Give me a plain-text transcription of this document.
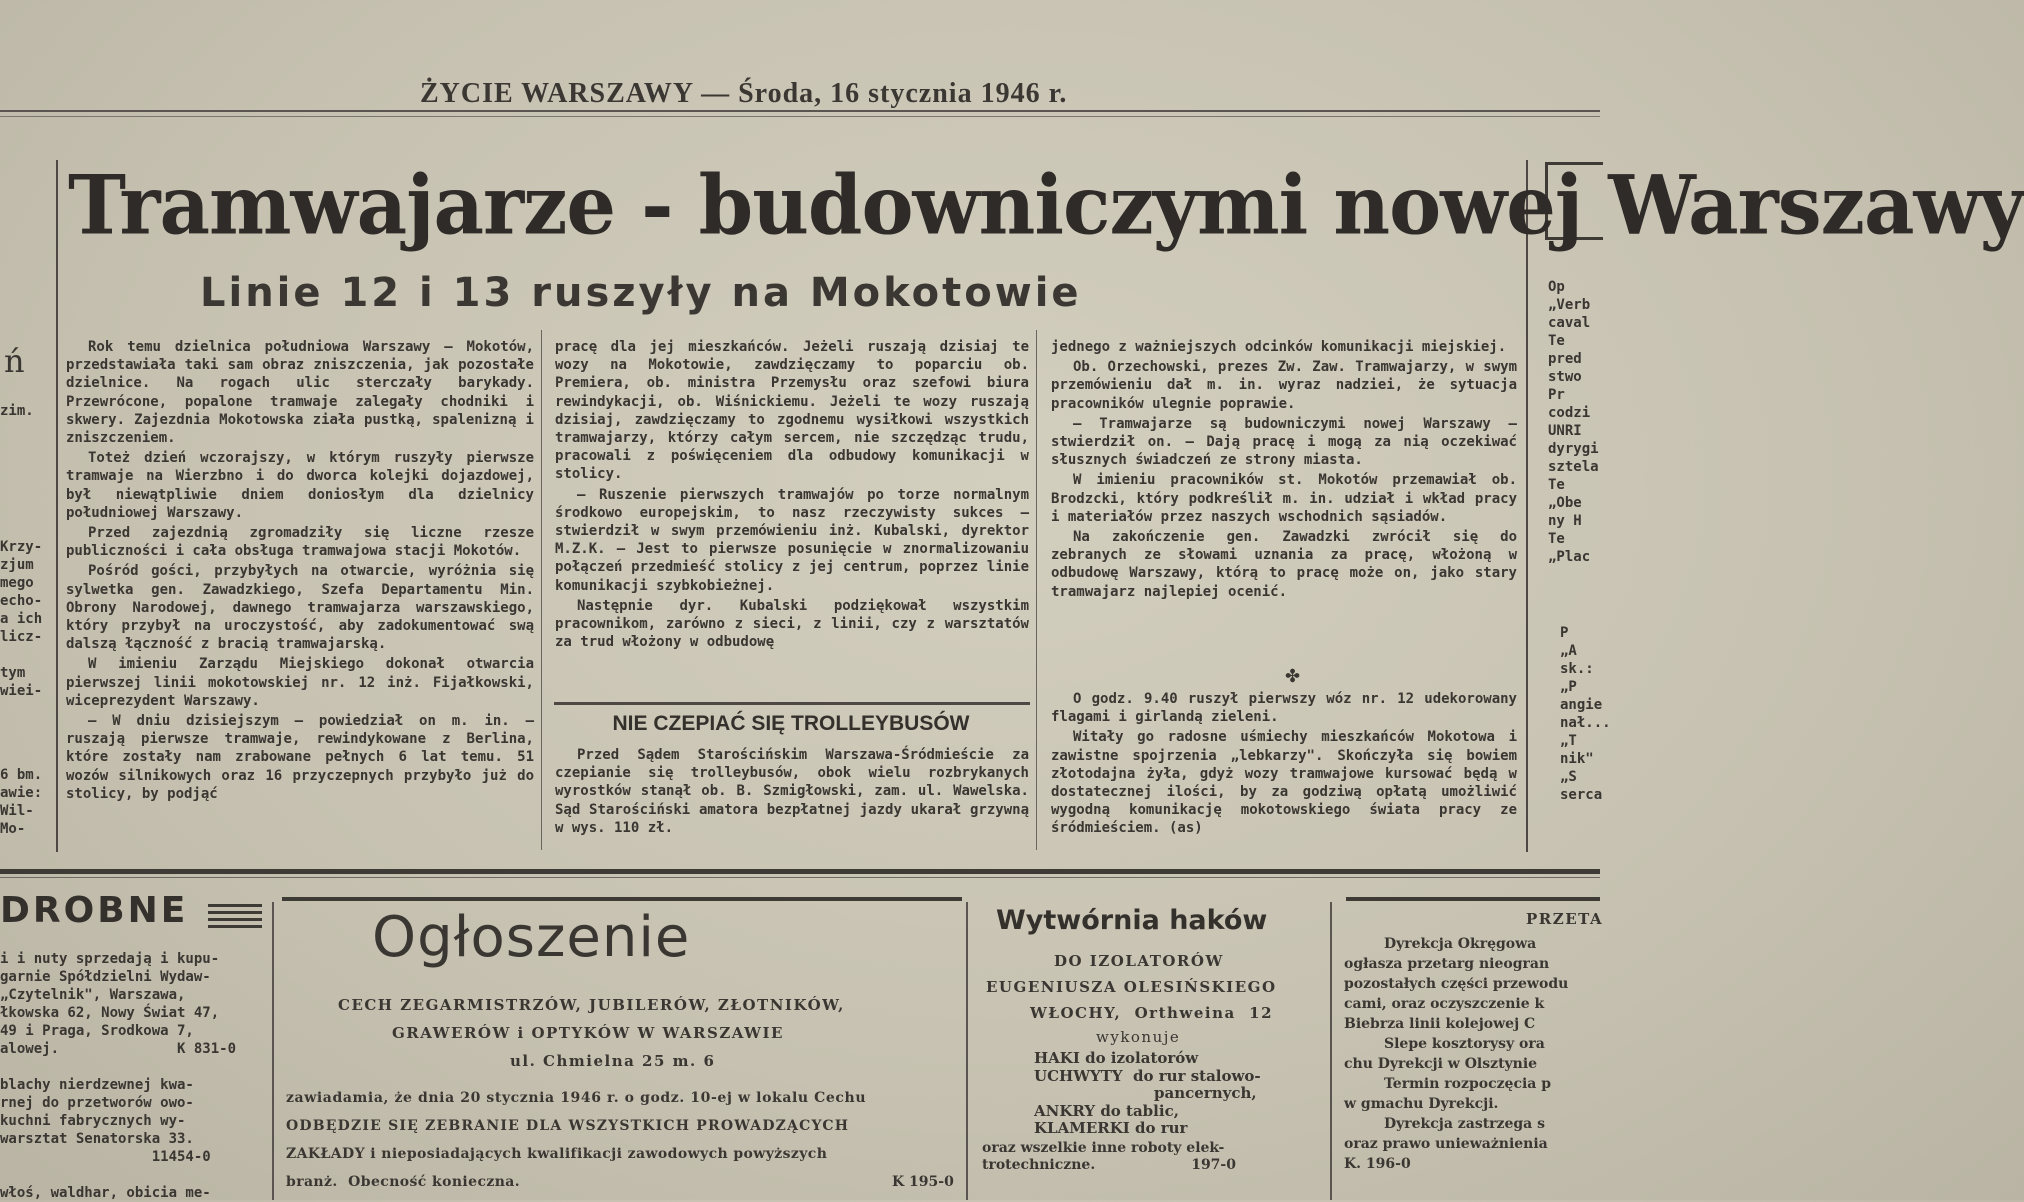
ŻYCIE WARSZAWY — Środa, 16 stycznia 1946 r.
Tramwajarze - budowniczymi nowej Warszawy
Linie 12 i 13 ruszyły na Mokotowie

Rok temu dzielnica południowa Warszawy — Mokotów, przedstawiała taki sam obraz zniszczenia, jak pozostałe dzielnice. Na rogach ulic sterczały barykady. Przewrócone, popalone tramwaje zalegały chodniki i skwery. Zajezdnia Mokotowska ziała pustką, spalenizną i zniszczeniem.

Toteż dzień wczorajszy, w którym ruszyły pierwsze tramwaje na Wierzbno i do dworca kolejki dojazdowej, był niewątpliwie dniem doniosłym dla dzielnicy południowej Warszawy.

Przed zajezdnią zgromadziły się liczne rzesze publiczności i cała obsługa tramwajowa stacji Mokotów.

Pośród gości, przybyłych na otwarcie, wyróżnia się sylwetka gen. Zawadzkiego, Szefa Departamentu Min. Obrony Narodowej, dawnego tramwajarza warszawskiego, który przybył na uroczystość, aby zadokumentować swą dalszą łączność z bracią tramwajarską.

W imieniu Zarządu Miejskiego dokonał otwarcia pierwszej linii mokotowskiej nr. 12 inż. Fijałkowski, wiceprezydent Warszawy.

— W dniu dzisiejszym — powiedział on m. in. — ruszają pierwsze tramwaje, rewindykowane z Berlina, które zostały nam zrabowane pełnych 6 lat temu. 51 wozów silnikowych oraz 16 przyczepnych przybyło już do stolicy, by podjąć

pracę dla jej mieszkańców. Jeżeli ruszają dzisiaj te wozy na Mokotowie, zawdzięczamy to poparciu ob. Premiera, ob. ministra Przemysłu oraz szefowi biura rewindykacji, ob. Wiśnickiemu. Jeżeli te wozy ruszają dzisiaj, zawdzięczamy to zgodnemu wysiłkowi wszystkich tramwajarzy, którzy całym sercem, nie szczędząc trudu, pracowali z poświęceniem dla odbudowy komunikacji w stolicy.

— Ruszenie pierwszych tramwajów po torze normalnym środkowo europejskim, to nasz rzeczywisty sukces — stwierdził w swym przemówieniu inż. Kubalski, dyrektor M.Z.K. — Jest to pierwsze posunięcie w znormalizowaniu połączeń przedmieść stolicy z jej centrum, poprzez linie komunikacji szybkobieżnej.

Następnie dyr. Kubalski podziękował wszystkim pracownikom, zarówno z sieci, z linii, czy z warsztatów za trud włożony w odbudowę

NIE CZEPIAĆ SIĘ TROLLEYBUSÓW

Przed Sądem Starościńskim Warszawa-Śródmieście za czepianie się trolleybusów, obok wielu rozbrykanych wyrostków stanął ob. B. Szmigłowski, zam. ul. Wawelska. Sąd Starościński amatora bezpłatnej jazdy ukarał grzywną w wys. 110 zł.

jednego z ważniejszych odcinków komunikacji miejskiej.

Ob. Orzechowski, prezes Zw. Zaw. Tramwajarzy, w swym przemówieniu dał m. in. wyraz nadziei, że sytuacja pracowników ulegnie poprawie.

— Tramwajarze są budowniczymi nowej Warszawy — stwierdził on. — Dają pracę i mogą za nią oczekiwać słusznych świadczeń ze strony miasta.

W imieniu pracowników st. Mokotów przemawiał ob. Brodzcki, który podkreślił m. in. udział i wkład pracy i materiałów przez naszych wschodnich sąsiadów.

Na zakończenie gen. Zawadzki zwrócił się do zebranych ze słowami uznania za pracę, włożoną w odbudowę Warszawy, którą to pracę może on, jako stary tramwajarz najlepiej ocenić.

✤

O godz. 9.40 ruszył pierwszy wóz nr. 12 udekorowany flagami i girlandą zieleni.

Witały go radosne uśmiechy mieszkańców Mokotowa i zawistne spojrzenia „lebkarzy". Skończyła się bowiem złotodajna żyła, gdyż wozy tramwajowe kursować będą w dostatecznej ilości, by za godziwą opłatą umożliwić wygodną komunikację mokotowskiego świata pracy ze śródmieściem. (as)

ń
zim.
Krzy-
zjum
mego
echo-
a ich
licz-

tym
wiei-
6 bm.
awie:
Wil-
Mo-
Op
„Verb
caval
Te
pred
stwo
Pr
codzi
UNRI
dyrygi
sztela
Te
„Obe
ny H
Te
„Plac
P
„A
sk.:
„P
angie
nał...
„T
nik"
„S
serca
DROBNE
i i nuty sprzedają i kupu-
garnie Spółdzielni Wydaw-
„Czytelnik", Warszawa,
łkowska 62, Nowy Świat 47,
49 i Praga, Srodkowa 7,
alowej.              K 831-0

blachy nierdzewnej kwa-
rnej do przetworów owo-
kuchni fabrycznych wy-
warsztat Senatorska 33.
11454-0

włoś, waldhar, obicia me-
Ogłoszenie
CECH ZEGARMISTRZÓW, JUBILERÓW, ZŁOTNIKÓW,
GRAWERÓW i OPTYKÓW W WARSZAWIE
ul. Chmielna 25 m. 6
zawiadamia, że dnia 20 stycznia 1946 r. o godz. 10-ej w lokalu Cechu
ODBĘDZIE SIĘ ZEBRANIE DLA WSZYSTKICH PROWADZĄCYCH
ZAKŁADY i nieposiadających kwalifikacji zawodowych powyższych
branż.  Obecność konieczna.	K 195-0
Wytwórnia haków
DO IZOLATORÓW
EUGENIUSZA OLESIŃSKIEGO
WŁOCHY,  Orthweina  12
wykonuje
HAKI do izolatorów
UCHWYTY  do rur stalowo-
pancernych,
ANKRY do tablic,
KLAMERKI do rur
oraz wszelkie inne roboty elek-
trotechniczne.	197-0
PRZETA
Dyrekcja Okręgowa
ogłasza przetarg nieogran
pozostałych części przewodu
cami, oraz oczyszczenie k
Biebrza linii kolejowej C
Slepe kosztorysy ora
chu Dyrekcji w Olsztynie
Termin rozpoczęcia p
w gmachu Dyrekcji.
Dyrekcja zastrzega s
oraz prawo unieważnienia
K. 196-0
